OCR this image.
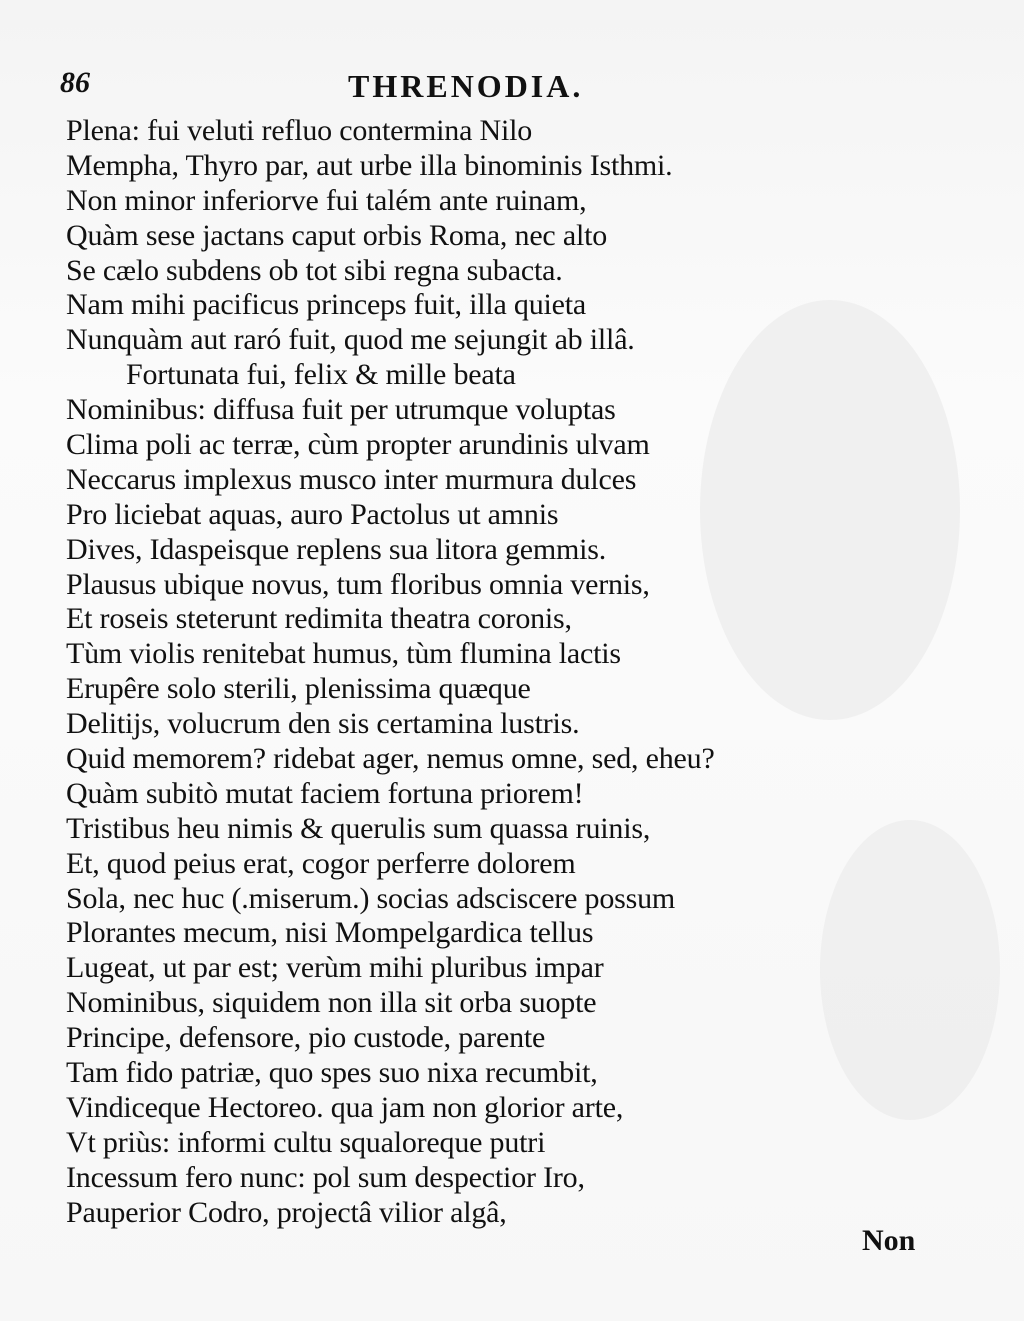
86	THRENODIA.
Plena: fui veluti refluo contermina Nilo
Mempha, Thyro par, aut urbe illa binominis Isthmi.
Non minor inferiorve fui talém ante ruinam,
Quàm sese jactans caput orbis Roma, nec alto
Se cælo subdens ob tot sibi regna subacta.
Nam mihi pacificus princeps fuit, illa quieta
Nunquàm aut raró fuit, quod me sejungit ab illâ.
Fortunata fui, felix & mille beata
Nominibus: diffusa fuit per utrumque voluptas
Clima poli ac terræ, cùm propter arundinis ulvam
Neccarus implexus musco inter murmura dulces
Pro liciebat aquas, auro Pactolus ut amnis
Dives, Idaspeisque replens sua litora gemmis.
Plausus ubique novus, tum floribus omnia vernis,
Et roseis steterunt redimita theatra coronis,
Tùm violis renitebat humus, tùm flumina lactis
Erupêre solo sterili, plenissima quæque
Delitijs, volucrum den sis certamina lustris.
Quid memorem? ridebat ager, nemus omne, sed, eheu?
Quàm subitò mutat faciem fortuna priorem!
Tristibus heu nimis & querulis sum quassa ruinis,
Et, quod peius erat, cogor perferre dolorem
Sola, nec huc (.miserum.) socias adsciscere possum
Plorantes mecum, nisi Mompelgardica tellus
Lugeat, ut par est; verùm mihi pluribus impar
Nominibus, siquidem non illa sit orba suopte
Principe, defensore, pio custode, parente
Tam fido patriæ, quo spes suo nixa recumbit,
Vindiceque Hectoreo. qua jam non glorior arte,
Vt priùs: informi cultu squaloreque putri
Incessum fero nunc: pol sum despectior Iro,
Pauperior Codro, projectâ vilior algâ,
Non
